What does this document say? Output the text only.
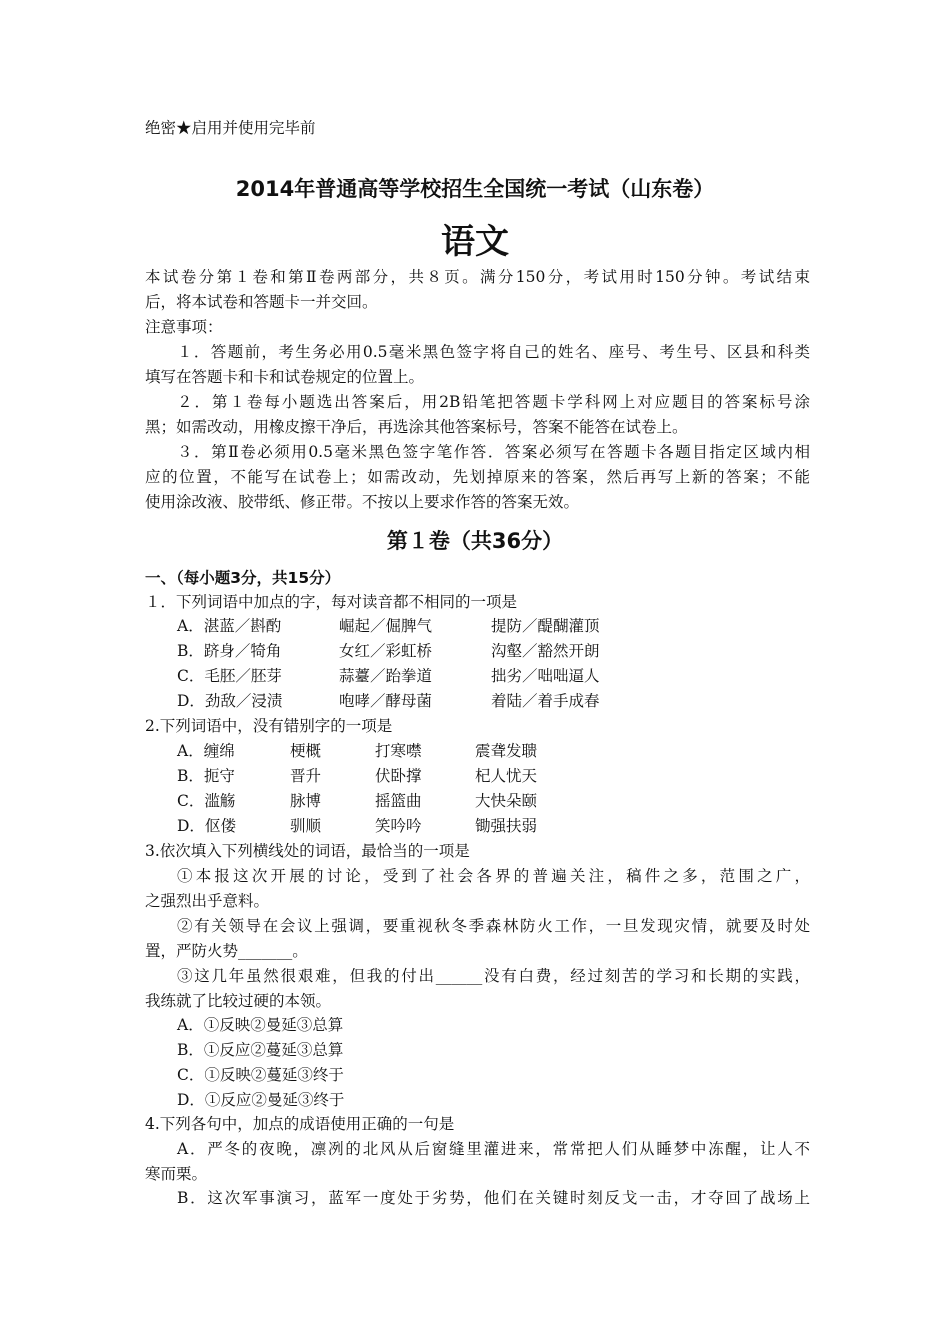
绝密★启用并使用完毕前
2014年普通高等学校招生全国统一考试（山东卷）
语文
本试卷分第１卷和第Ⅱ卷两部分，共８页。满分150分，考试用时150分钟。考试结束
后，将本试卷和答题卡一并交回。
注意事项：
１．答题前，考生务必用0.5毫米黑色签字将自己的姓名、座号、考生号、区县和科类
填写在答题卡和卡和试卷规定的位置上。
２．第１卷每小题选出答案后，用2B铅笔把答题卡学科网上对应题目的答案标号涂
黑；如需改动，用橡皮擦干净后，再选涂其他答案标号，答案不能答在试卷上。
３．第Ⅱ卷必须用0.5毫米黑色签字笔作答．答案必须写在答题卡各题目指定区域内相
应的位置，不能写在试卷上；如需改动，先划掉原来的答案，然后再写上新的答案；不能
使用涂改液、胶带纸、修正带。不按以上要求作答的答案无效。
第１卷（共36分）
一、（每小题3分，共15分）
１．下列词语中加点的字，每对读音都不相同的一项是
A．湛蓝／斟酌	崛起／倔脾气	提防／醍醐灌顶
B．跻身／犄角	女红／彩虹桥	沟壑／豁然开朗
C．毛胚／胚芽	蒜薹／跆拳道	拙劣／咄咄逼人
D．劲敌／浸渍	咆哮／酵母菌	着陆／着手成春
2.下列词语中，没有错别字的一项是
A．缠绵	梗概	打寒噤	震聋发聩
B．扼守	晋升	伏卧撑	杞人忧天
C．滥觞	脉博	摇篮曲	大快朵颐
D．伛偻	驯顺	笑吟吟	锄强扶弱
3.依次填入下列横线处的词语，最恰当的一项是
①本报这次开展的讨论，受到了社会各界的普遍关注，稿件之多，范围之广，
之强烈出乎意料。
②有关领导在会议上强调，要重视秋冬季森林防火工作，一旦发现灾情，就要及时处
置，严防火势_______。
③这几年虽然很艰难，但我的付出______没有白费，经过刻苦的学习和长期的实践，
我练就了比较过硬的本领。
A．①反映②曼延③总算
B．①反应②蔓延③总算
C．①反映②蔓延③终于
D．①反应②曼延③终于
4.下列各句中，加点的成语使用正确的一句是
A．严冬的夜晚，凛冽的北风从后窗缝里灌进来，常常把人们从睡梦中冻醒，让人不
寒而栗。
B．这次军事演习，蓝军一度处于劣势，他们在关键时刻反戈一击，才夺回了战场上
